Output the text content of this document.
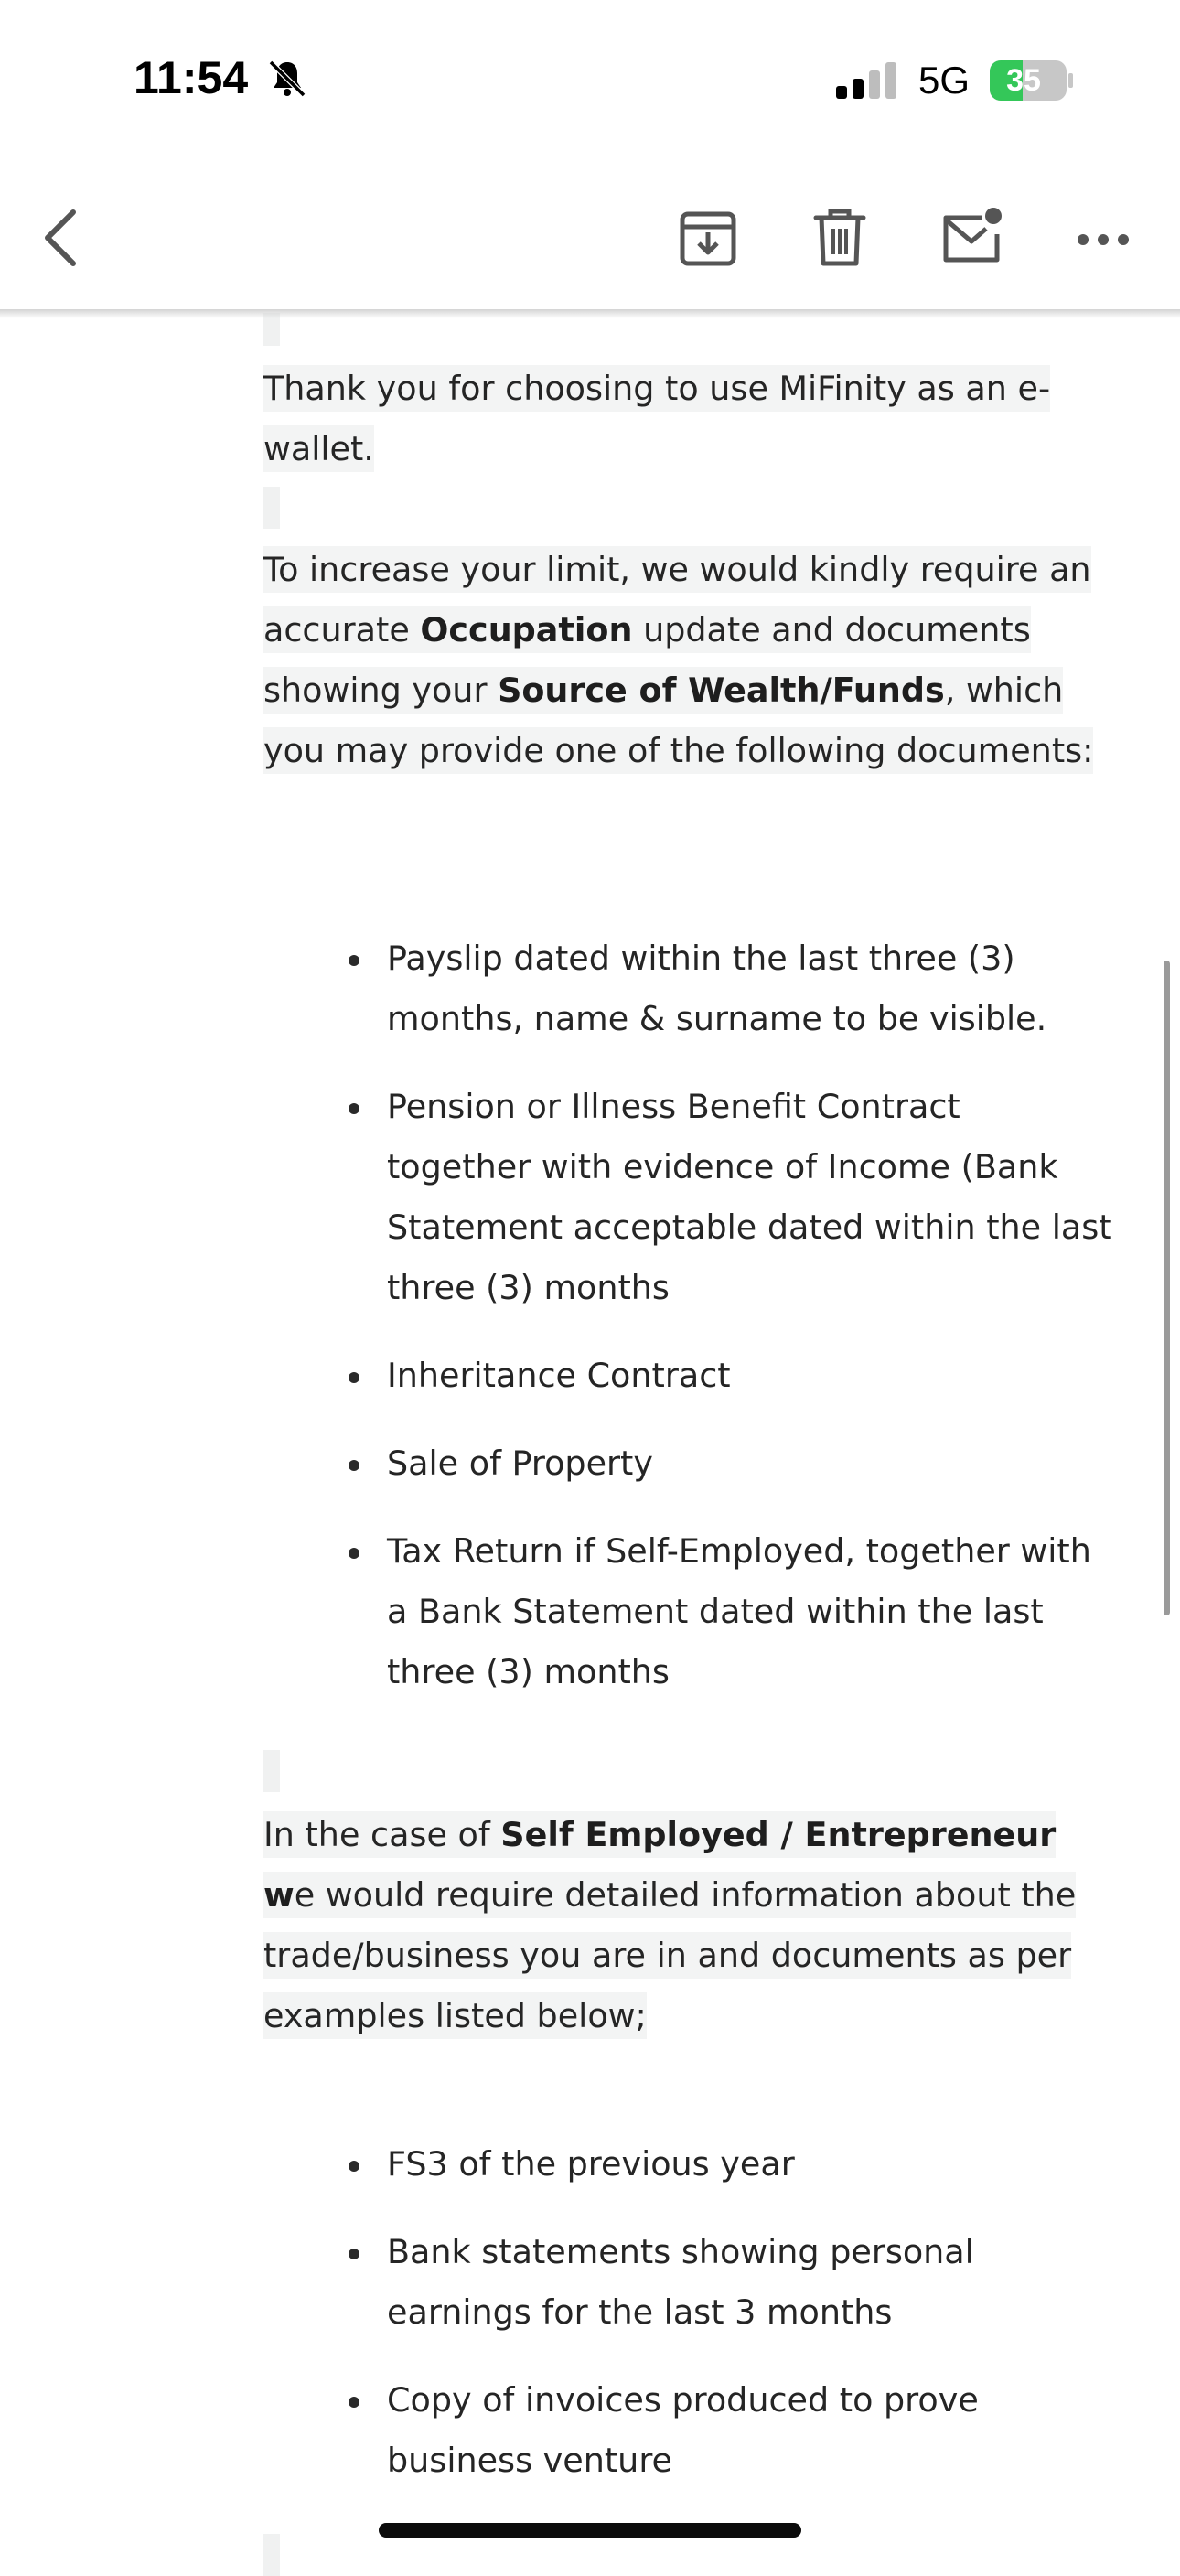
Thank you for choosing to use MiFinity as an e-wallet.
To increase your limit, we would kindly require an accurate Occupation update and documents showing your Source of Wealth/Funds, which you may provide one of the following documents:
Payslip dated within the last three (3) months, name & surname to be visible.
Pension or Illness Benefit Contract together with evidence of Income (Bank Statement acceptable dated within the last three (3) months
Inheritance Contract
Sale of Property
Tax Return if Self-Employed, together with a Bank Statement dated within the last three (3) months
In the case of Self Employed / Entrepreneur we would require detailed information about the trade/business you are in and documents as per examples listed below;
FS3 of the previous year
Bank statements showing personal earnings for the last 3 months
Copy of invoices produced to prove business venture
11:54	5G	35
